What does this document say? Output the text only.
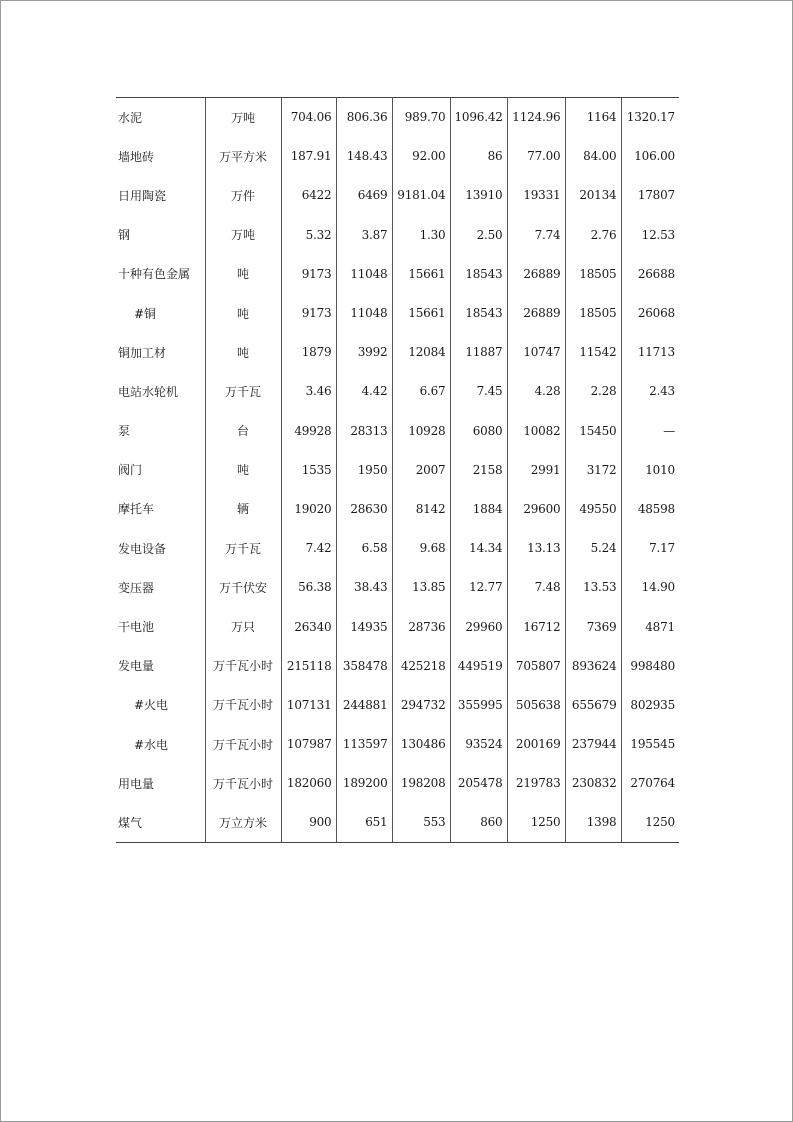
水泥	万吨	704.06	806.36	989.70	1096.42	1124.96	1164	1320.17
墙地砖	万平方米	187.91	148.43	92.00	86	77.00	84.00	106.00
日用陶瓷	万件	6422	6469	9181.04	13910	19331	20134	17807
钢	万吨	5.32	3.87	1.30	2.50	7.74	2.76	12.53
十种有色金属	吨	9173	11048	15661	18543	26889	18505	26688
#铜	吨	9173	11048	15661	18543	26889	18505	26068
铜加工材	吨	1879	3992	12084	11887	10747	11542	11713
电站水轮机	万千瓦	3.46	4.42	6.67	7.45	4.28	2.28	2.43
泵	台	49928	28313	10928	6080	10082	15450	—
阀门	吨	1535	1950	2007	2158	2991	3172	1010
摩托车	辆	19020	28630	8142	1884	29600	49550	48598
发电设备	万千瓦	7.42	6.58	9.68	14.34	13.13	5.24	7.17
变压器	万千伏安	56.38	38.43	13.85	12.77	7.48	13.53	14.90
干电池	万只	26340	14935	28736	29960	16712	7369	4871
发电量	万千瓦小时	215118	358478	425218	449519	705807	893624	998480
#火电	万千瓦小时	107131	244881	294732	355995	505638	655679	802935
#水电	万千瓦小时	107987	113597	130486	93524	200169	237944	195545
用电量	万千瓦小时	182060	189200	198208	205478	219783	230832	270764
煤气	万立方米	900	651	553	860	1250	1398	1250
